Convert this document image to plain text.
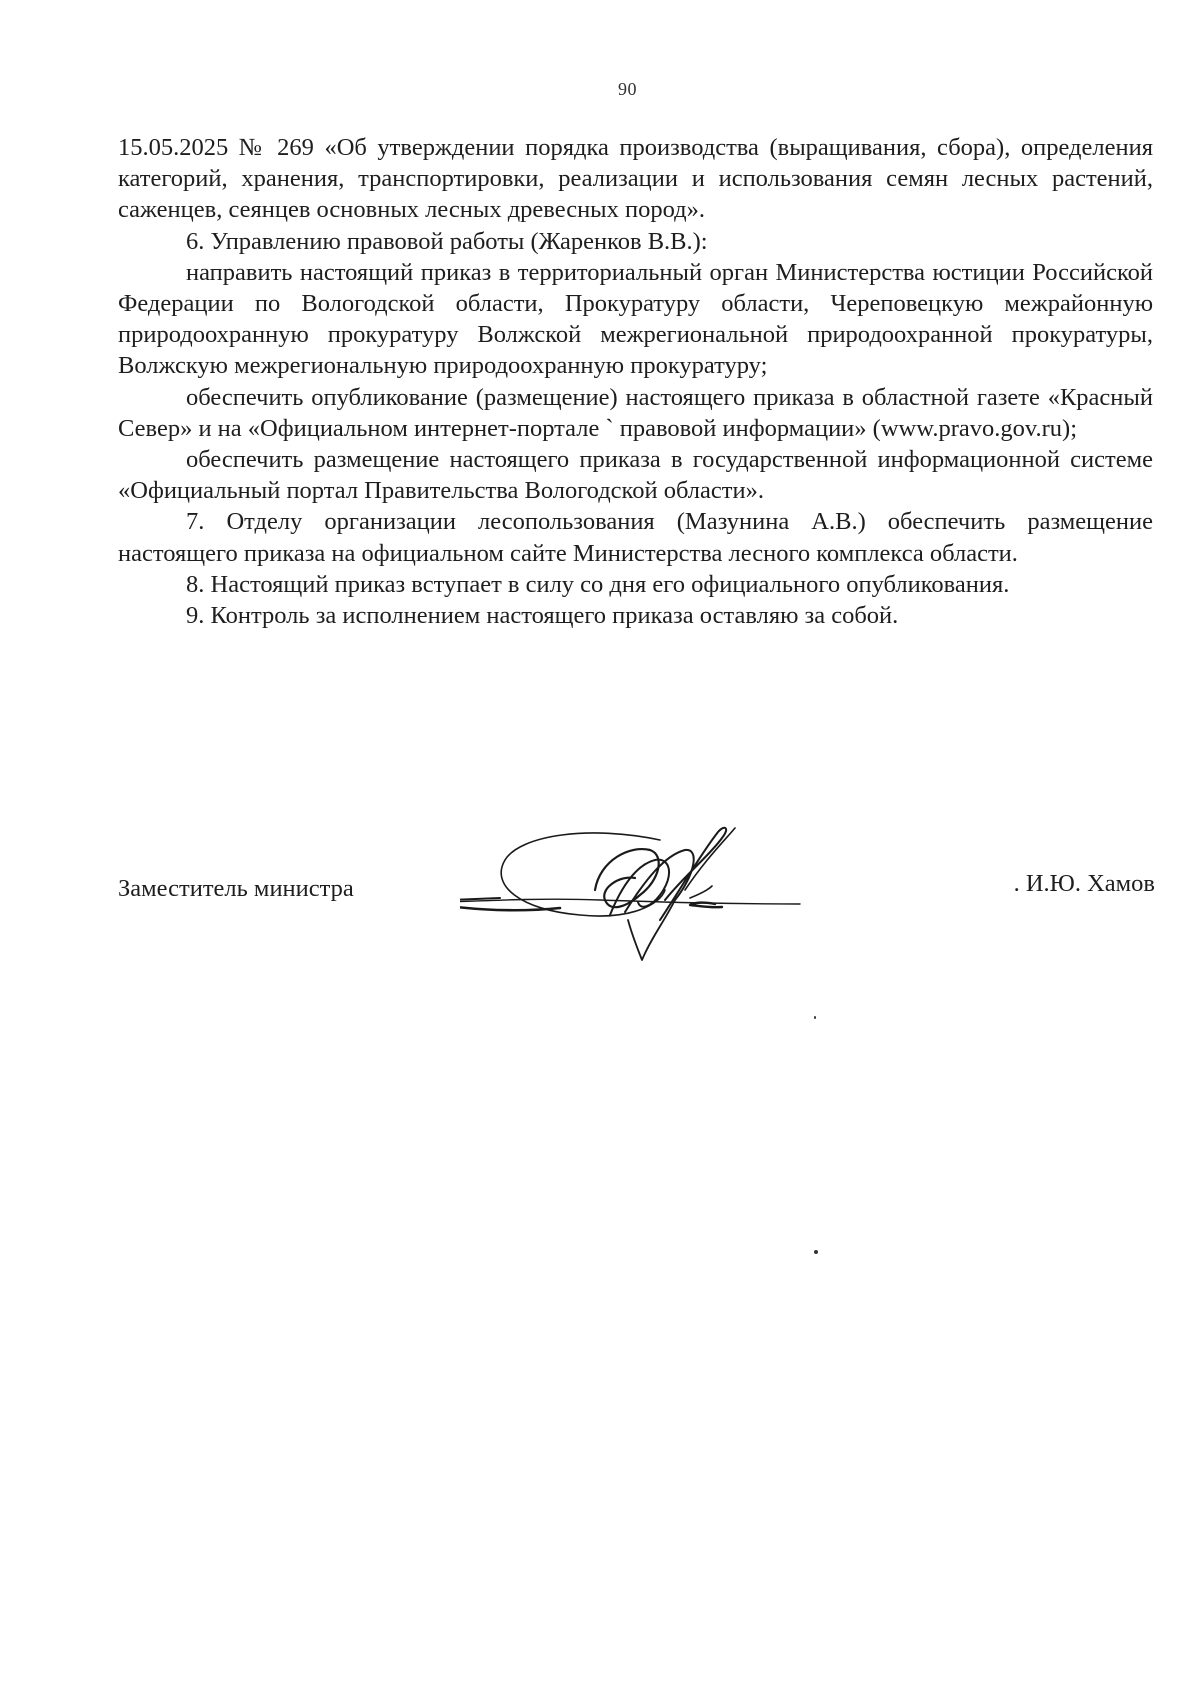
90

15.05.2025 № 269 «Об утверждении порядка производства (выращивания, сбора), определения категорий, хранения, транспортировки, реализации и использования семян лесных растений, саженцев, сеянцев основных лесных древесных пород».

6. Управлению правовой работы (Жаренков В.В.):

направить настоящий приказ в территориальный орган Министерства юстиции Российской Федерации по Вологодской области, Прокуратуру области, Череповецкую межрайонную природоохранную прокуратуру Волжской межрегиональной природоохранной прокуратуры, Волжскую межрегиональную природоохранную прокуратуру;

обеспечить опубликование (размещение) настоящего приказа в областной газете «Красный Север» и на «Официальном интернет-портале ` правовой информации» (www.pravo.gov.ru);

обеспечить размещение настоящего приказа в государственной информационной системе «Официальный портал Правительства Вологодской области».

7. Отделу организации лесопользования (Мазунина А.В.) обеспечить размещение настоящего приказа на официальном сайте Министерства лесного комплекса области.

8. Настоящий приказ вступает в силу со дня его официального опубликования.

9. Контроль за исполнением настоящего приказа оставляю за собой.

Заместитель министра	. И.Ю. Хамов
